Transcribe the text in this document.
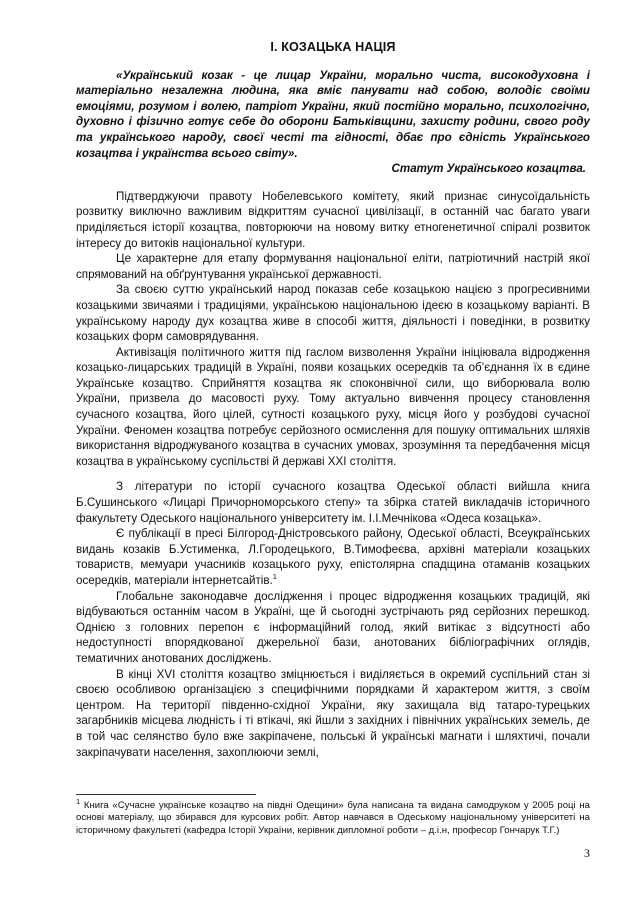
І. КОЗАЦЬКА НАЦІЯ

«Український козак - це лицар України, морально чиста, високодуховна і матеріально незалежна людина, яка вміє панувати над собою, володіє своїми емоціями, розумом і волею, патріот України, який постійно морально, психологічно, духовно і фізично готує себе до оборони Батьківщини, захисту родини, свого роду та українського народу, своєї честі та гідності, дбає про єдність Українського козацтва і українства всього світу».

Статут Українського козацтва.

Підтверджуючи правоту Нобелевського комітету, який признає синусоїдальність розвитку виключно важливим відкриттям сучасної цивілізації, в останній час багато уваги приділяється історії козацтва, повторюючи на новому витку етногенетичної спіралі розвиток інтересу до витоків національної культури.

Це характерне для етапу формування національної еліти, патріотичний настрій якої спрямований на обґрунтування української державності.

За своєю суттю український народ показав себе козацькою нацією з прогресивними козацькими звичаями і традиціями, українською національною ідеєю в козацькому варіанті. В українському народу дух козацтва живе в способі життя, діяльності і поведінки, в розвитку козацьких форм самоврядування.

Активізація політичного життя під гаслом визволення України ініціювала відродження козацько-лицарських традицій в Україні, появи козацьких осередків та об’єднання їх в єдине Українське козацтво. Сприйняття козацтва як споконвічної сили, що виборювала волю України, призвела до масовості руху. Тому актуально вивчення процесу становлення сучасного козацтва, його цілей, сутності козацького руху, місця його у розбудові сучасної України. Феномен козацтва потребує серйозного осмислення для пошуку оптимальних шляхів використання відроджуваного козацтва в сучасних умовах, зрозуміння та передбачення місця козацтва в українському суспільстві й державі XXI століття.

З літератури по історії сучасного козацтва Одеської області вийшла книга Б.Сушинського «Лицарі Причорноморського степу» та збірка статей викладачів історичного факультету Одеського національного університету ім. І.І.Мечнікова «Одеса козацька».

Є публікації в пресі Білгород-Дністровського району, Одеської області, Всеукраїнських видань козаків Б.Устименка, Л.Городецького, В.Тимофеєва, архівні матеріали козацьких товариств, мемуари учасників козацького руху, епістолярна спадщина отаманів козацьких осередків, матеріали інтернетсайтів.$^1$

Глобальне законодавче дослідження і процес відродження козацьких традицій, які відбуваються останнім часом в Україні, ще й сьогодні зустрічають ряд серйозних перешкод. Однією з головних перепон є інформаційний голод, який витікає з відсутності або недоступності впорядкованої джерельної бази, анотованих бібліографічних оглядів, тематичних анотованих досліджень.

В кінці XVI століття козацтво зміцнюється і виділяється в окремий суспільний стан зі своєю особливою організацією з специфічними порядками й характером життя, з своїм центром. На території південно-східної України, яку захищала від татаро-турецьких загарбників місцева людність і ті втікачі, які йшли з західних і північних українських земель, де в той час селянство було вже закріпачене, польські й українські магнати і шляхтичі, почали закріпачувати населення, захоплюючи землі,

$^1$ Книга «Сучасне українське козацтво на півдні Одещини» була написана та видана самодруком у 2005 році на основі матеріалу, що збирався для курсових робіт. Автор навчався в Одеському національному університеті на історичному факультеті (кафедра Історії України, керівник дипломної роботи – д.і.н, професор Гончарук Т.Г.)

3
